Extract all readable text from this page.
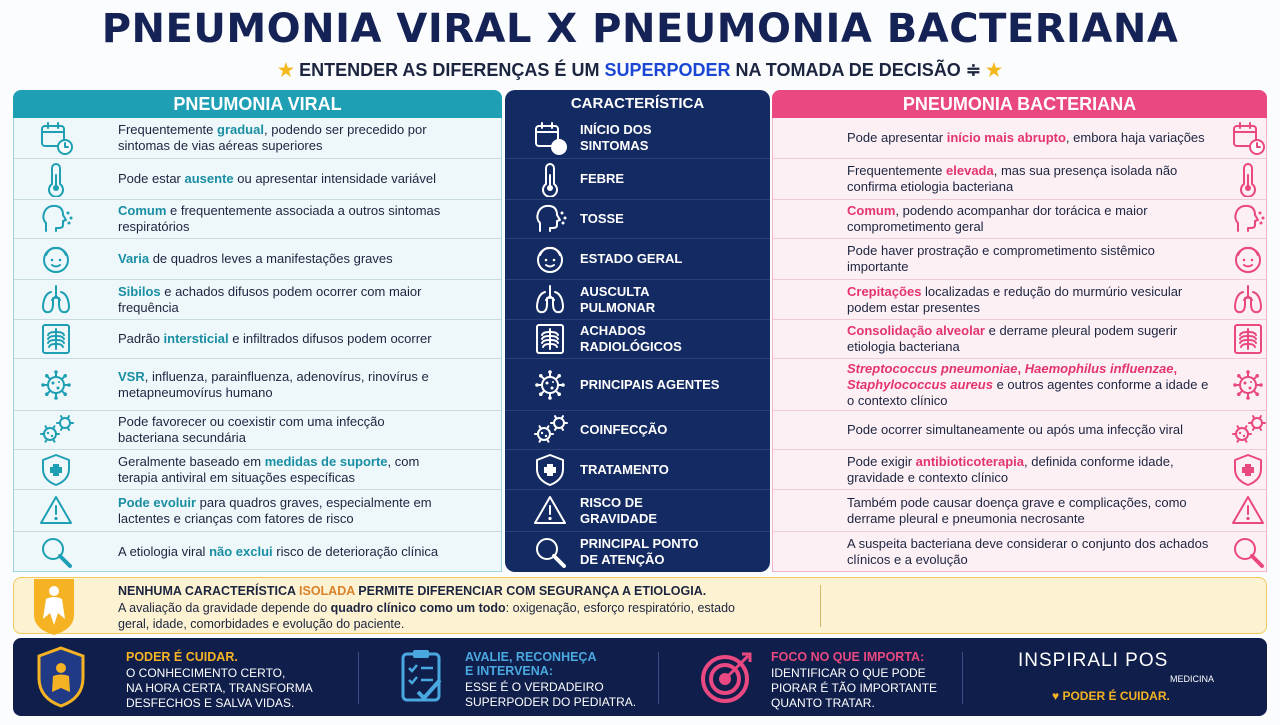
PNEUMONIA VIRAL X PNEUMONIA BACTERIANA
★ ENTENDER AS DIFERENÇAS É UM SUPERPODER NA TOMADA DE DECISÃO ≑ ★
PNEUMONIA VIRAL	CARACTERÍSTICA	PNEUMONIA BACTERIANA
Frequentemente gradual, podendo ser precedido por sintomas de vias aéreas superiores
Pode estar ausente ou apresentar intensidade variável
Comum e frequentemente associada a outros sintomas respiratórios
Varia de quadros leves a manifestações graves
Sibilos e achados difusos podem ocorrer com maior frequência
Padrão intersticial e infiltrados difusos podem ocorrer
VSR, influenza, parainfluenza, adenovírus, rinovírus e metapneumovírus humano
Pode favorecer ou coexistir com uma infecção bacteriana secundária
Geralmente baseado em medidas de suporte, com terapia antiviral em situações específicas
Pode evoluir para quadros graves, especialmente em lactentes e crianças com fatores de risco
A etiologia viral não exclui risco de deterioração clínica
INÍCIO DOS SINTOMAS
FEBRE
TOSSE
ESTADO GERAL
AUSCULTA PULMONAR
ACHADOS RADIOLÓGICOS
PRINCIPAIS AGENTES
COINFECÇÃO
TRATAMENTO
RISCO DE GRAVIDADE
PRINCIPAL PONTO DE ATENÇÃO
Pode apresentar início mais abrupto, embora haja variações
Frequentemente elevada, mas sua presença isolada não confirma etiologia bacteriana
Comum, podendo acompanhar dor torácica e maior comprometimento geral
Pode haver prostração e comprometimento sistêmico importante
Crepitações localizadas e redução do murmúrio vesicular podem estar presentes
Consolidação alveolar e derrame pleural podem sugerir etiologia bacteriana
Streptococcus pneumoniae, Haemophilus influenzae, Staphylococcus aureus e outros agentes conforme a idade e o contexto clínico
Pode ocorrer simultaneamente ou após uma infecção viral
Pode exigir antibioticoterapia, definida conforme idade, gravidade e contexto clínico
Também pode causar doença grave e complicações, como derrame pleural e pneumonia necrosante
A suspeita bacteriana deve considerar o conjunto dos achados clínicos e a evolução
NENHUMA CARACTERÍSTICA ISOLADA PERMITE DIFERENCIAR COM SEGURANÇA A ETIOLOGIA.
A avaliação da gravidade depende do quadro clínico como um todo: oxigenação, esforço respiratório, estado geral, idade, comorbidades e evolução do paciente.
PODER É CUIDAR.
O CONHECIMENTO CERTO,
NA HORA CERTA, TRANSFORMA
DESFECHOS E SALVA VIDAS.
AVALIE, RECONHEÇA
E INTERVENA:
ESSE É O VERDADEIRO
SUPERPODER DO PEDIATRA.
FOCO NO QUE IMPORTA:
IDENTIFICAR O QUE PODE
PIORAR É TÃO IMPORTANTE
QUANTO TRATAR.
INSPIRALI POS
MEDICINA
♥ PODER É CUIDAR.
